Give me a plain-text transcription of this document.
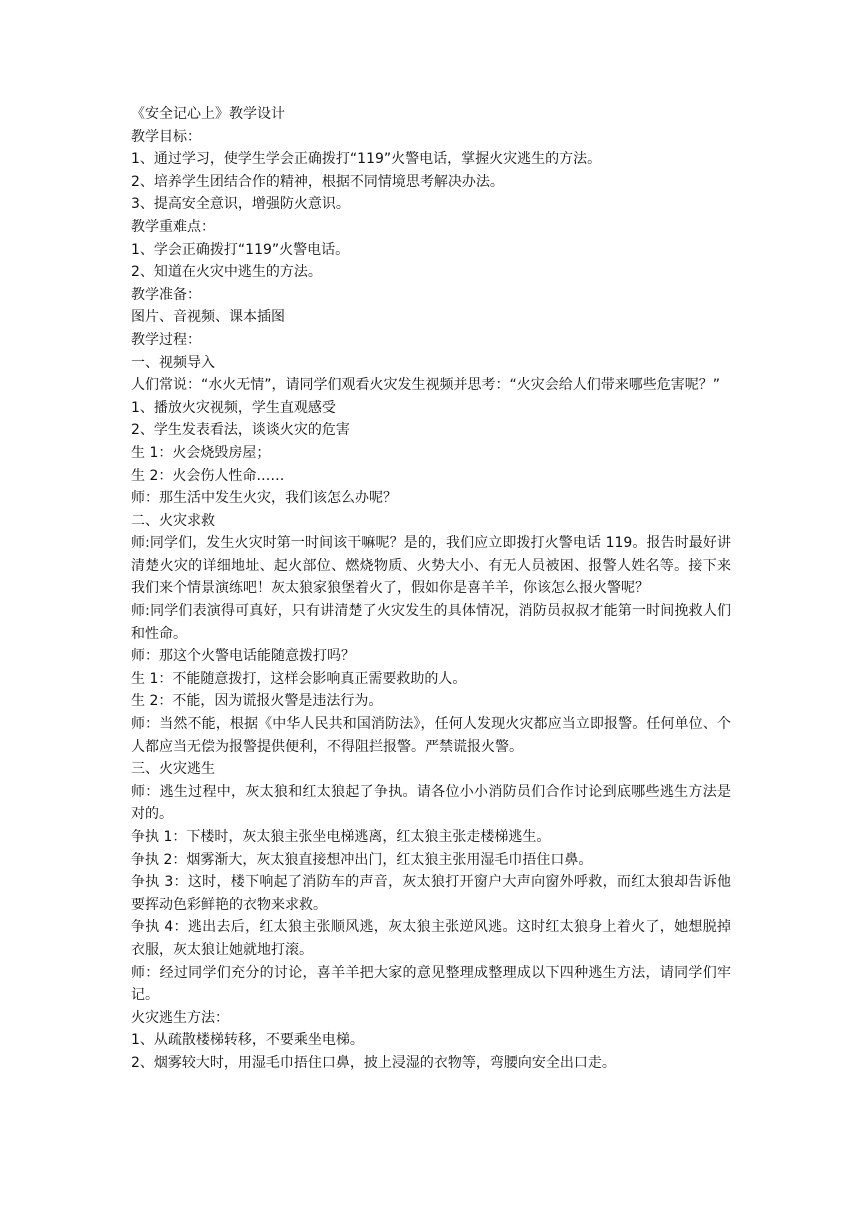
《安全记心上》教学设计

教学目标：

1、通过学习，使学生学会正确拨打“119”火警电话，掌握火灾逃生的方法。

2、培养学生团结合作的精神，根据不同情境思考解决办法。

3、提高安全意识，增强防火意识。

教学重难点：

1、学会正确拨打“119”火警电话。

2、知道在火灾中逃生的方法。

教学准备：

图片、音视频、课本插图

教学过程：

一、视频导入

人们常说：“水火无情”，请同学们观看火灾发生视频并思考：“火灾会给人们带来哪些危害呢？”

1、播放火灾视频，学生直观感受

2、学生发表看法，谈谈火灾的危害

生 1：火会烧毁房屋；

生 2：火会伤人性命……

师：那生活中发生火灾，我们该怎么办呢？

二、火灾求救

师:同学们，发生火灾时第一时间该干嘛呢？是的，我们应立即拨打火警电话 119。报告时最好讲清楚火灾的详细地址、起火部位、燃烧物质、火势大小、有无人员被困、报警人姓名等。接下来我们来个情景演练吧！灰太狼家狼堡着火了，假如你是喜羊羊，你该怎么报火警呢？

师:同学们表演得可真好，只有讲清楚了火灾发生的具体情况，消防员叔叔才能第一时间挽救人们和性命。

师：那这个火警电话能随意拨打吗？

生 1：不能随意拨打，这样会影响真正需要救助的人。

生 2：不能，因为谎报火警是违法行为。

师：当然不能，根据《中华人民共和国消防法》，任何人发现火灾都应当立即报警。任何单位、个人都应当无偿为报警提供便利，不得阻拦报警。严禁谎报火警。

三、火灾逃生

师：逃生过程中，灰太狼和红太狼起了争执。请各位小小消防员们合作讨论到底哪些逃生方法是对的。

争执 1：下楼时，灰太狼主张坐电梯逃离，红太狼主张走楼梯逃生。

争执 2：烟雾渐大，灰太狼直接想冲出门，红太狼主张用湿毛巾捂住口鼻。

争执 3：这时，楼下响起了消防车的声音，灰太狼打开窗户大声向窗外呼救，而红太狼却告诉他要挥动色彩鲜艳的衣物来求救。

争执 4：逃出去后，红太狼主张顺风逃，灰太狼主张逆风逃。这时红太狼身上着火了，她想脱掉衣服，灰太狼让她就地打滚。

师：经过同学们充分的讨论，喜羊羊把大家的意见整理成整理成以下四种逃生方法，请同学们牢记。

火灾逃生方法：

1、从疏散楼梯转移，不要乘坐电梯。

2、烟雾较大时，用湿毛巾捂住口鼻，披上浸湿的衣物等，弯腰向安全出口走。
